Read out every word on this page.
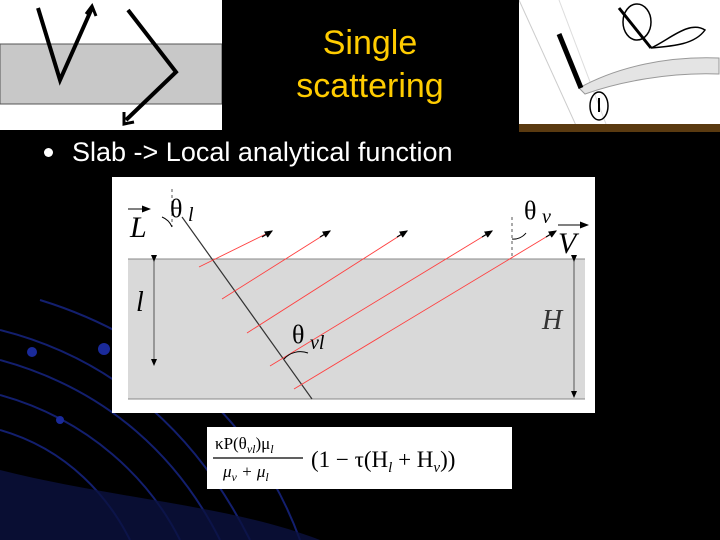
Single
scattering
Slab -> Local analytical function
L
θ l	θ v
V
θ vl
l
H
$\kappa P(\theta_{vl})\mu_l$
$\mu_v + \mu_l$
$(1 - \tau(H_l + H_v))$
